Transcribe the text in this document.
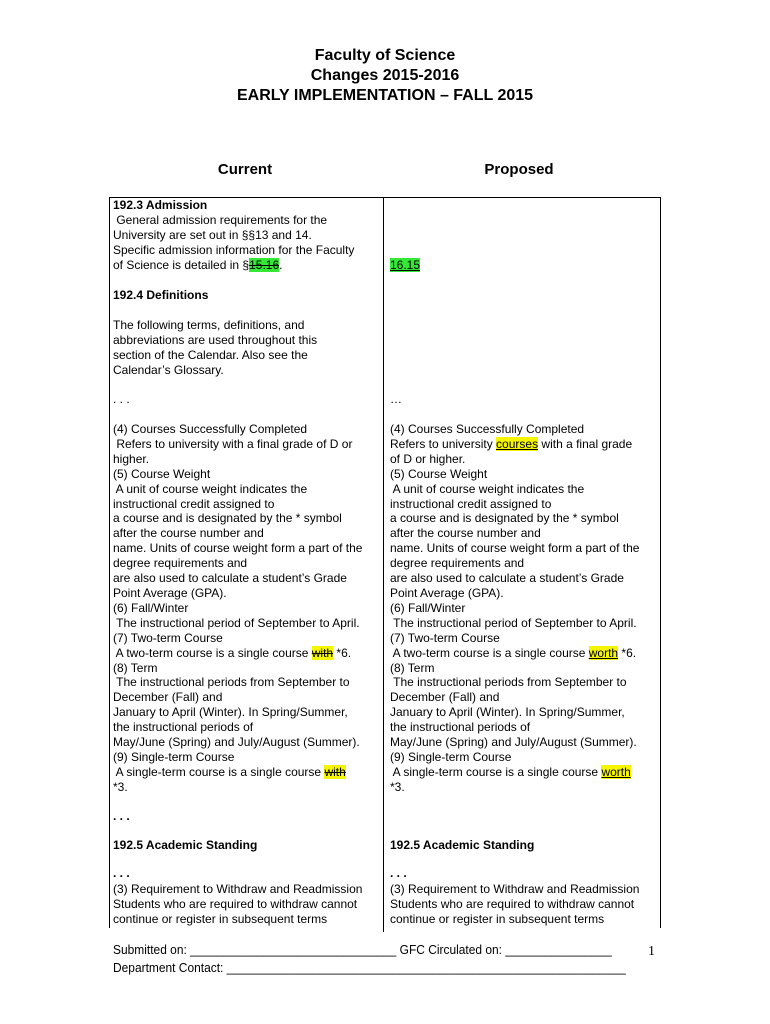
Faculty of Science
Changes 2015-2016
EARLY IMPLEMENTATION – FALL 2015
Current	Proposed
192.3 Admission
General admission requirements for the
University are set out in §§13 and 14.
Specific admission information for the Faculty
of Science is detailed in §15.16.
192.4 Definitions
The following terms, definitions, and
abbreviations are used throughout this
section of the Calendar. Also see the
Calendar’s Glossary.
. . .
(4) Courses Successfully Completed
Refers to university with a final grade of D or
higher.
(5) Course Weight
A unit of course weight indicates the
instructional credit assigned to
a course and is designated by the * symbol
after the course number and
name. Units of course weight form a part of the
degree requirements and
are also used to calculate a student’s Grade
Point Average (GPA).
(6) Fall/Winter
The instructional period of September to April.
(7) Two-term Course
A two-term course is a single course with *6.
(8) Term
The instructional periods from September to
December (Fall) and
January to April (Winter). In Spring/Summer,
the instructional periods of
May/June (Spring) and July/August (Summer).
(9) Single-term Course
A single-term course is a single course with
*3.
. . .
192.5 Academic Standing
. . .
(3) Requirement to Withdraw and Readmission
Students who are required to withdraw cannot
continue or register in subsequent terms
16.15
…
(4) Courses Successfully Completed
Refers to university courses with a final grade
of D or higher.
(5) Course Weight
A unit of course weight indicates the
instructional credit assigned to
a course and is designated by the * symbol
after the course number and
name. Units of course weight form a part of the
degree requirements and
are also used to calculate a student’s Grade
Point Average (GPA).
(6) Fall/Winter
The instructional period of September to April.
(7) Two-term Course
A two-term course is a single course worth *6.
(8) Term
The instructional periods from September to
December (Fall) and
January to April (Winter). In Spring/Summer,
the instructional periods of
May/June (Spring) and July/August (Summer).
(9) Single-term Course
A single-term course is a single course worth
*3.
192.5 Academic Standing
. . .
(3) Requirement to Withdraw and Readmission
Students who are required to withdraw cannot
continue or register in subsequent terms
Submitted on: _______________________________ GFC Circulated on: ________________
Department Contact: ____________________________________________________________
1
